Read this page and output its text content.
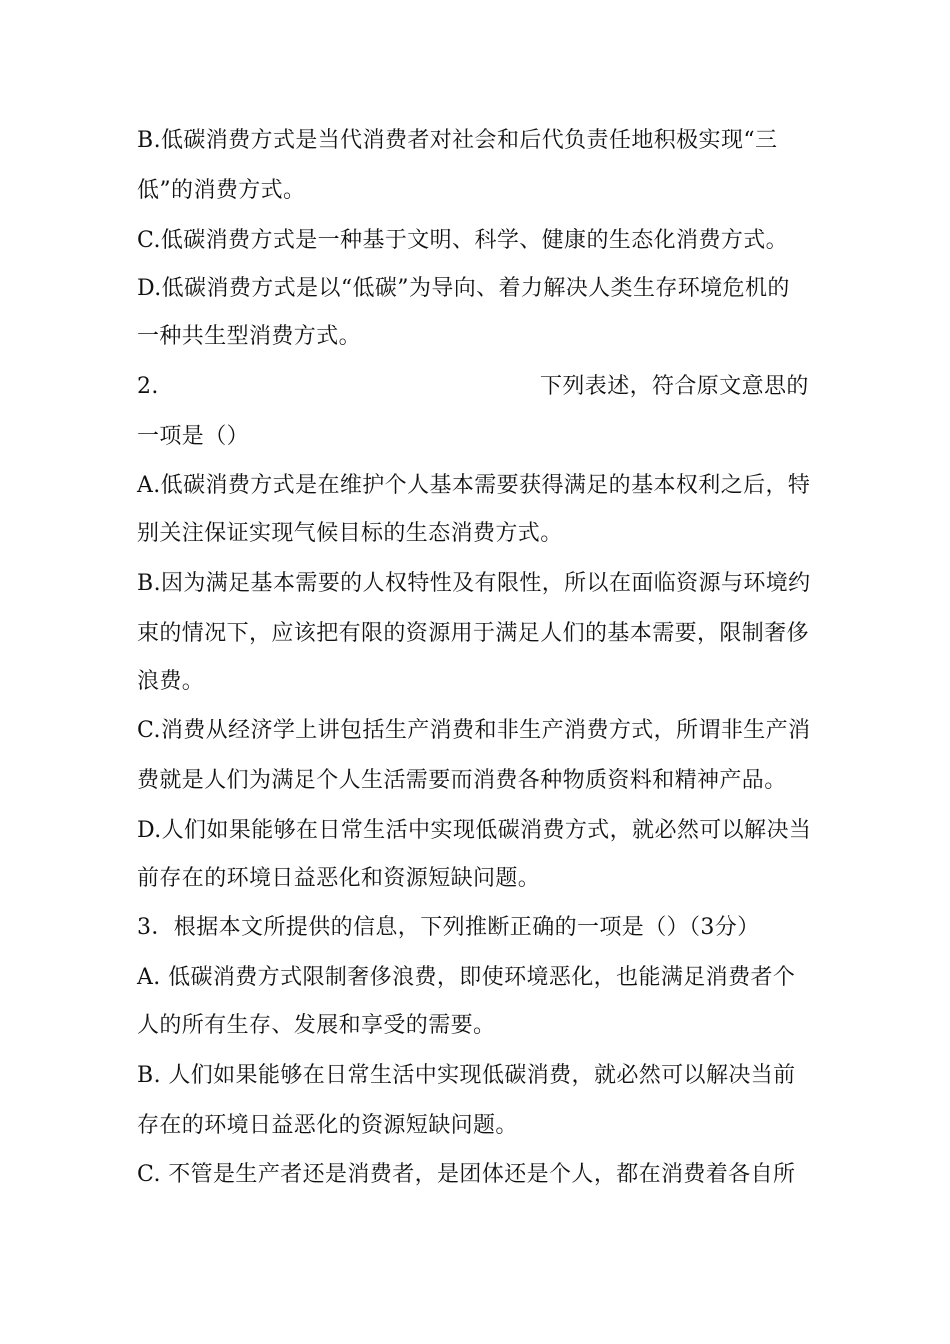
B.低碳消费方式是当代消费者对社会和后代负责任地积极实现“三
低”的消费方式。
C.低碳消费方式是一种基于文明、科学、健康的生态化消费方式。
D.低碳消费方式是以“低碳”为导向、着力解决人类生存环境危机的
一种共生型消费方式。
2.	下列表述，符合原文意思的
一项是（）
A.低碳消费方式是在维护个人基本需要获得满足的基本权利之后，特
别关注保证实现气候目标的生态消费方式。
B.因为满足基本需要的人权特性及有限性，所以在面临资源与环境约
束的情况下，应该把有限的资源用于满足人们的基本需要，限制奢侈
浪费。
C.消费从经济学上讲包括生产消费和非生产消费方式，所谓非生产消
费就是人们为满足个人生活需要而消费各种物质资料和精神产品。
D.人们如果能够在日常生活中实现低碳消费方式，就必然可以解决当
前存在的环境日益恶化和资源短缺问题。
3．根据本文所提供的信息，下列推断正确的一项是（）（3分）
A. 低碳消费方式限制奢侈浪费，即使环境恶化，也能满足消费者个
人的所有生存、发展和享受的需要。
B. 人们如果能够在日常生活中实现低碳消费，就必然可以解决当前
存在的环境日益恶化的资源短缺问题。
C. 不管是生产者还是消费者，是团体还是个人，都在消费着各自所
